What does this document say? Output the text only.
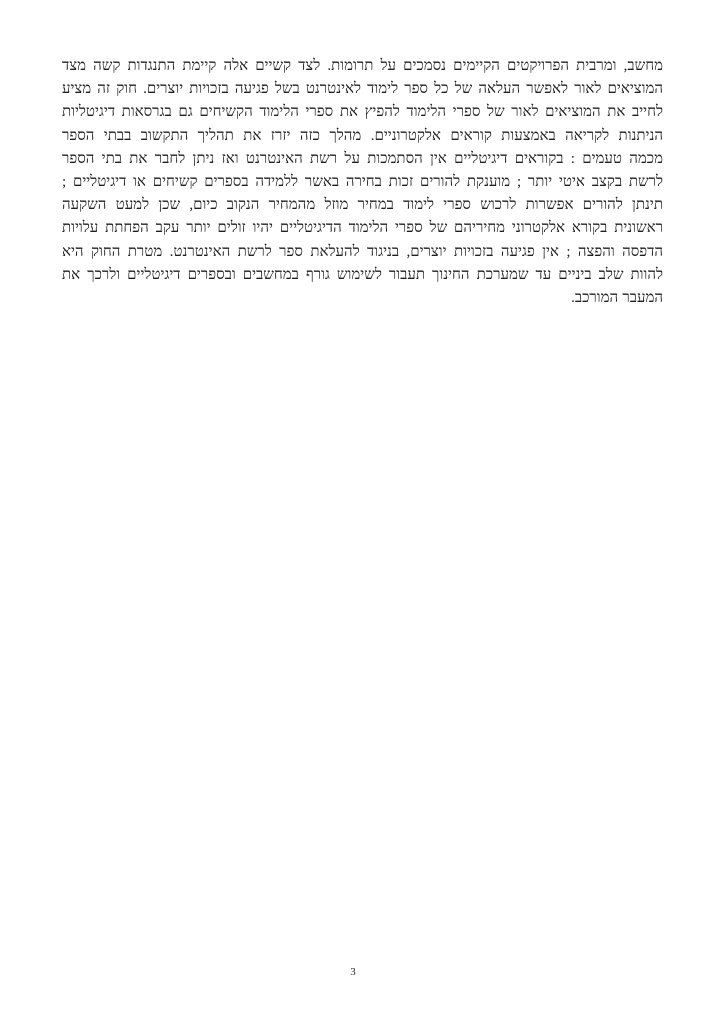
מחשב, ומרבית הפרויקטים הקיימים נסמכים על תרומות. לצד קשיים אלה קיימת התנגדות קשה מצד
המוציאים לאור לאפשר העלאה של כל ספר לימוד לאינטרנט בשל פגיעה בזכויות יוצרים. חוק זה מציע
לחייב את המוציאים לאור של ספרי הלימוד להפיץ את ספרי הלימוד הקשיחים גם בגרסאות דיגיטליות
הניתנות לקריאה באמצעות קוראים אלקטרוניים. מהלך כזה יזרז את תהליך התקשוב בבתי הספר
מכמה טעמים : בקוראים דיגיטליים אין הסתמכות על רשת האינטרנט ואז ניתן לחבר את בתי הספר
לרשת בקצב איטי יותר ; מוענקת להורים זכות בחירה באשר ללמידה בספרים קשיחים או דיגיטליים ;
תינתן להורים אפשרות לרכוש ספרי לימוד במחיר מוזל מהמחיר הנקוב כיום, שכן למעט השקעה
ראשונית בקורא אלקטרוני מחיריהם של ספרי הלימוד הדיגיטליים יהיו זולים יותר עקב הפחתת עלויות
הדפסה והפצה ; אין פגיעה בזכויות יוצרים, בניגוד להעלאת ספר לרשת האינטרנט. מטרת החוק היא
להוות שלב ביניים עד שמערכת החינוך תעבור לשימוש גורף במחשבים ובספרים דיגיטליים ולרכך את
המעבר המורכב.
3
